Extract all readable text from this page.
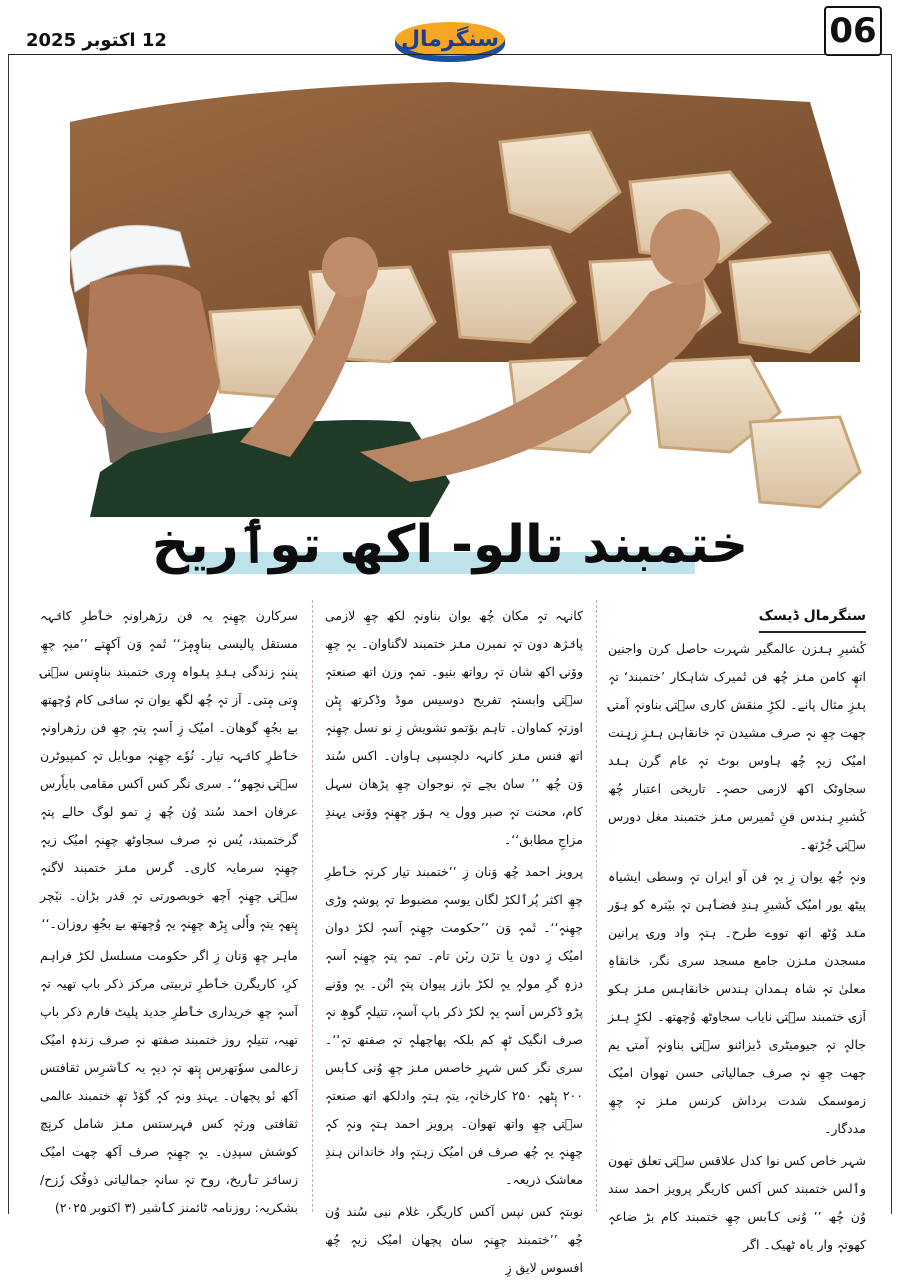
12 اکتوبر 2025	سنگرمال	06
ختمبند تالو- اکھ توٲریخ
سنگرمال ڈیسک

کٔشیرِ ہنٛزن عالمگیر شہرت حاصل کرن واجنین اتھٕ کامن منٛز چُھ فن تٔمیرک شاہکار ’ختمبند‘ تہٕ پنٛزِ مثال پانے۔ لکڑِ منقش کاری سۭتۍ بناونہٕ آمتۍ چھت چھِ نہٕ صرف مشیدن تہٕ خانقاہن ہنٛزِ زیٖنت امیُک زیہٕ چُھ ہاوس بوٹ تہٕ عام گرن ہنٛد سجاوٹک اکھ لازمی حصہٕ۔ تاریخی اعتبار چُھ کٔشیرِ ہندس فنِ تٔمیرس منٛز ختمبند مغل دورس سۭتۍ جُڑتھ۔

ونہٕ چُھ یوان زِ یہٕ فن آو ایران تہٕ وسطی ایشیاہ پیٹھ یور امیُک کٔشیرِ ہندِ فضٲہن تہٕ بیٚترہ کو ہوٚر منٛد وُٹھ اتھ تووے طرح۔ ہتہٕ واد ورۍ پرانین مسجدن منٛزن جامع مسجد سری نگر، خانقاہِ معلیٰ تہٕ شاہ ہمدان ہندس خانقاہس منٛز ہکو اَزۍ ختمبند سۭتۍ نایاب سجاوٹھ وُچھتھ۔ لکڑِ ہنٛز جالہٕ تہٕ جیومیٹری ڈیزائنو سۭتۍ بناونہٕ آمتۍ یم چھت چھِ نہٕ صرف جمالیاتی حسن تھوان امیُک زموسمک شدت برداش کرنس منٛز تہٕ چھِ مددگار۔

شہر خاص کس نوا کدل علاقس سۭتۍ تعلق تھون وٲلس ختمبند کس اَکس کاریگر پرویز احمد سند وُن چُھ ’’ وُنی کٲبس چھِ ختمبند کام بڑ ضاعہٕ کھوتہٕ وار یاہ ٹھیک۔ اگر

کانہہ تہٕ مکان چُھ یوان بناونہٕ لکھ چھِ لازمی پانٛژھ دون تہٕ نمبرن منٛز ختمبند لاگناوان۔ یہٕ چھِ ووٚنۍ اکھ شان تہٕ رواتھ بنیو۔ تمہٕ وزن اتھ صنعتہٕ سۭتۍ وابستہٕ تفریح دوسیس موڈ وڈکرتھ پٕٹن اوزتہٕ کماوان۔ تاہم بوٚتمو تشویش زِ نو نسل چھِنہٕ اتھ فنس منٛز کانہہ دلچسپی ہاوان۔ اکس سُند وَن چُھ ’’ سانٛ بچے تہٕ نوجوان چھِ پڑھان سہل کام، محنت تہٕ صبر وول یہ ہوٚر چھِنہٕ ووٚنی یہندِ مزاجِ مطابق‘‘۔

پرویز احمد چُھ وَنان زِ ’’ختمبند تیار کرنہٕ خٲطرِ چھِ اکثر پُرٲلکڑ لگان یوسہٕ مضبوط تہٕ پوشہٕ وڑی چھِنہٕ‘‘۔ تٔمہٕ وَن ’’حکومت چھِنہٕ اَسہٕ لکڑ دوان امیُک زِ دون یا ترٚن ربٚن تام۔ تمہٕ پتہٕ چھِنہٕ اَسہٕ دزہٕ گرِ مولہٕ یہٕ لکڑ بازر پیوان پتہٕ انُن۔ یہٕ ووٚنے پڑو ڈکرس اَسہٕ یہٕ لکڑ ذکر باپ آسہٕ، تتیلہٕ گوھٕ نہٕ صرف انگیک ٹھٕ کم بلکہ پھاچھلہٕ تہٕ صفتھ تہٕ‘‘۔ سری نگر کس شہرِ خاصس منٛز چھِ وُنی کٲبس ۲۰۰ پٕٹھہٕ ۲۵۰ کارخانہٕ، یتہٕ ہتہٕ وادلکھ اتھ صنعتہٕ سۭتۍ چھِ واتھ تھوان۔ پرویز احمد ہتہٕ ونہٕ کہٕ چھِنہٕ یہٕ چُھ صرف فن امیُک زہتہٕ واد خاندانن ہندِ معاشک ذریعہ۔

نوبتہٕ کس نپس اَکس کاریگر، غلام نبی سُند وُن چُھ ’’ختمبند چھِنہٕ سانٛ پچھان امیُک زیہٕ چُھ افسوس لایق زِ

سرکارن چھِنہٕ یہ فن رژھراونہٕ خٲطرِ کانٛہہ مستقل پالیسی بناوٕمٕژ‘‘ تٔمہٕ وَن اَکھٕتے ’’میہٕ چھِ پننہٕ زندگی ہنٛدِ پنٛواہ وٕری ختمبند بناوٕنس سۭتۍ وٕتی مٕتی۔ اَز تہٕ چُھ لگھ یوان تہٕ سانٛی کام وُچھتھ بےٚ بجُھِ گوھان۔ امیُک زِ اَسہٕ پتہٕ چھِ فن رژھراونہٕ خٲطرِ کانٛہہ تیار۔ نُوٗے چھِنہٕ موبایل تہٕ کمپیوٹرن سۭتۍ نجِھو‘‘۔ سری نگر کس اَکس مقامی بایاٗرس عرفان احمد سُند وُن چُھ زِ تمو لوگ حالے پتہٕ گرختمبند، یُس نہٕ صرف سجاوٹھ چھِنہٕ امیُک زیہٕ چھِنہٕ سرمایہ کاری۔ گرس منٛز ختمبند لاگنہٕ سۭتۍ چھِنہٕ اَچھ خوبصورتی تہٕ قدر بڑان۔ نیٚچر پٕتھہٕ یتہٕ واٗلی پِڑھ چھِنہٕ یہٕ وُچھتھ بےٚ بجُھِ روزان۔‘‘

ماہر چھِ وَنان زِ اگر حکومت مسلسل لکڑ فراہم کرِ، کاریگرن خٲطرِ تربیتی مرکز ذکر باپ تھیہ تہٕ اَسہٕ چھِ خریداری خٲطرِ جدید پلیٹ فارم ذکر باپ تھیہ، تتیلہٕ روز ختمبند صفتھ نہٕ صرف زندہٕ امیُک زعالمی سوٗتھرس پٕتھ تہٕ دیہٕ یہ کٲشرِس ثقافتس اَکھ نٔو پچھان۔ یہندِ ونہٕ کہٕ گوٚڈ تھٕ ختمبند عالمی ثقافتی ورثہٕ کس فہرستس منٛز شامل کرنٕچ کوشش سپدِن۔ یہٕ چھِنہٕ صرف اَکھ چھت امیُک زسانٛز تٲریخ، روح تہٕ سانہٕ جمالیاتی ذوقُک رٗزح/ بشکریہ: روزنامہ ٹائمنز کٲشیر (۳ اکتوبر ۲۰۲۵)
